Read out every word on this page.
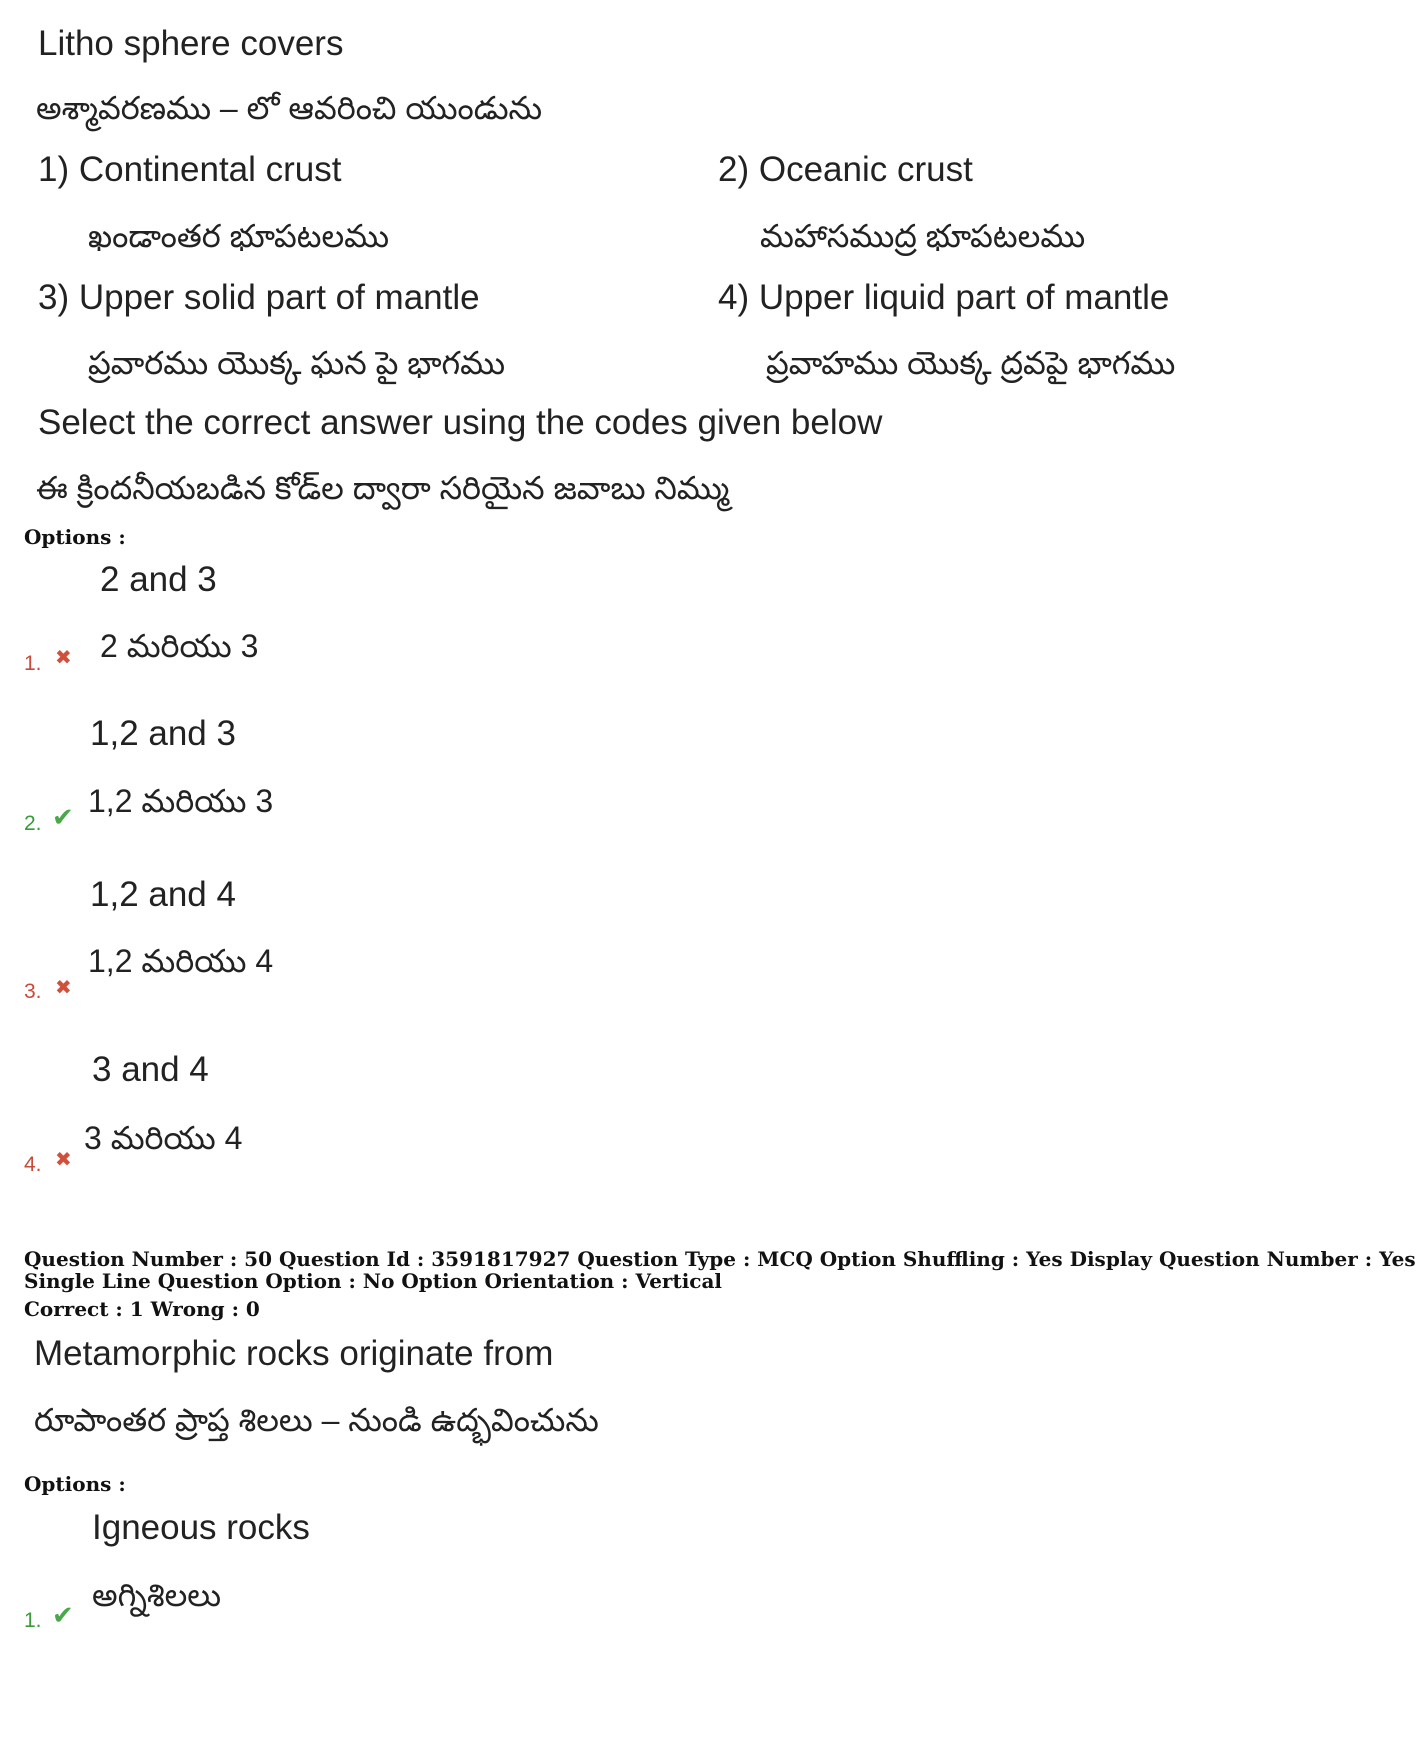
Litho sphere covers
అశ్మావరణము – లో ఆవరించి యుండును
1) Continental crust
ఖండాంతర భూపటలము
2) Oceanic crust
మహాసముద్ర భూపటలము
3) Upper solid part of mantle
ప్రవారము యొక్క ఘన పై భాగము
4) Upper liquid part of mantle
ప్రవాహము యొక్క ద్రవపై భాగము
Select the correct answer using the codes given below
ఈ క్రిందనీయబడిన కోడ్‌ల ద్వారా సరియైన జవాబు నిమ్ము
Options :
2 and 3
2 మరియు 3
1. ✖
1,2 and 3
1,2 మరియు 3
2. ✔
1,2 and 4
1,2 మరియు 4
3. ✖
3 and 4
3 మరియు 4
4. ✖
Question Number : 50 Question Id : 3591817927 Question Type : MCQ Option Shuffling : Yes Display Question Number : Yes
Single Line Question Option : No Option Orientation : Vertical
Correct : 1 Wrong : 0
Metamorphic rocks originate from
రూపాంతర ప్రాప్త శిలలు – నుండి ఉద్భవించును
Options :
Igneous rocks
అగ్నిశిలలు
1. ✔
